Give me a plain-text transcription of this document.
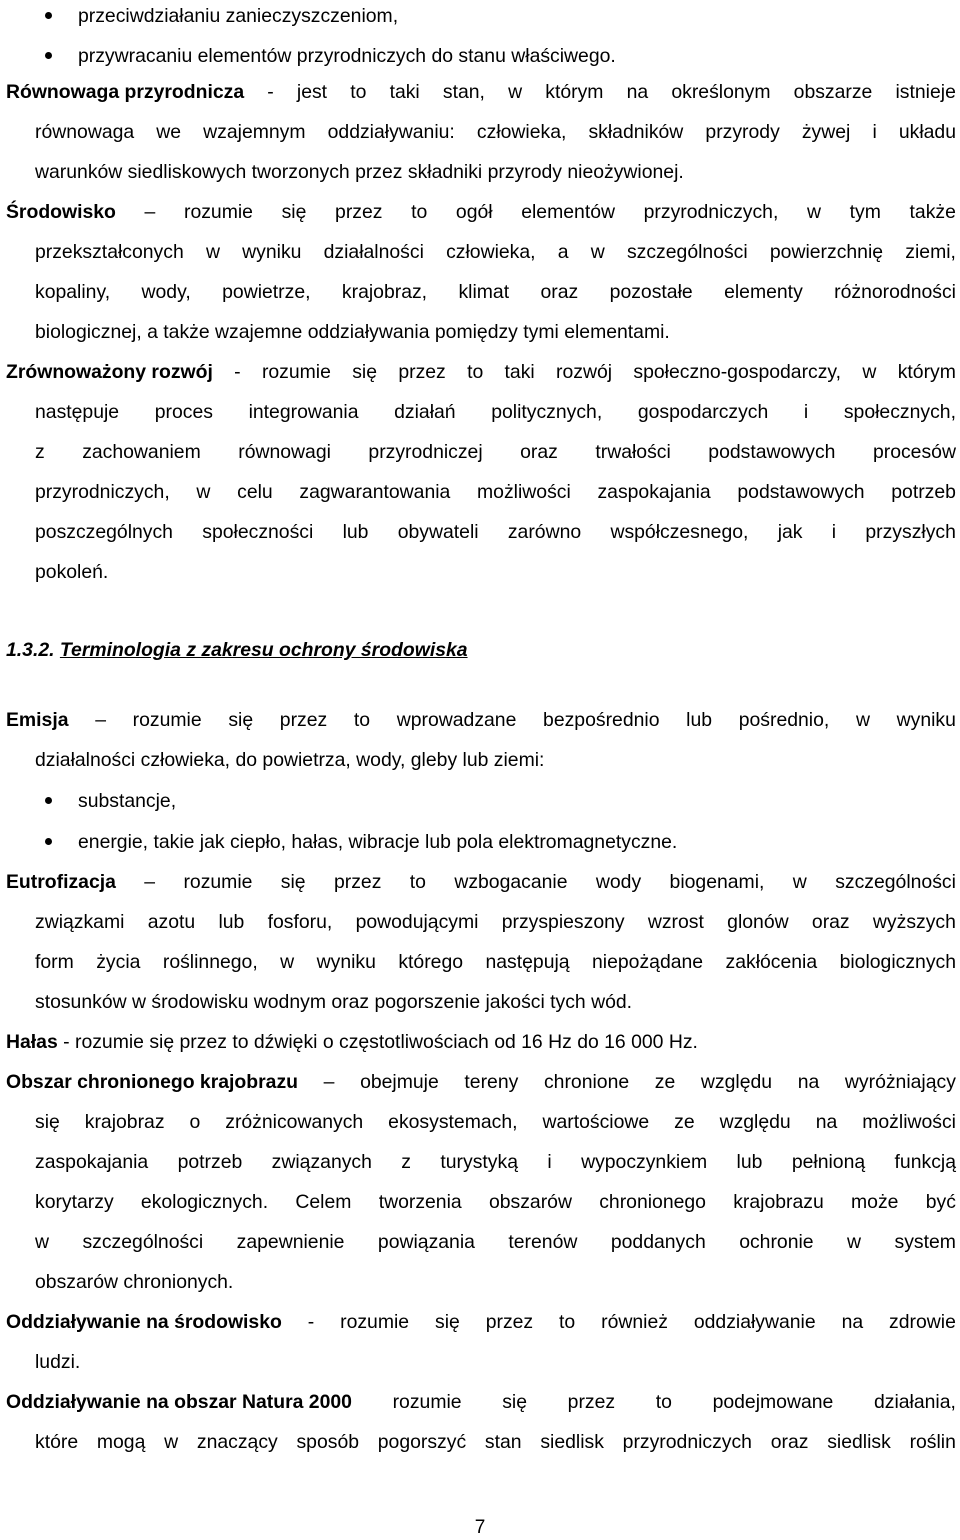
przeciwdziałaniu zanieczyszczeniom,
przywracaniu elementów przyrodniczych do stanu właściwego.
Równowaga przyrodnicza - jest to taki stan, w którym na określonym obszarze istnieje
równowaga we wzajemnym oddziaływaniu: człowieka, składników przyrody żywej i układu
warunków siedliskowych tworzonych przez składniki przyrody nieożywionej.
Środowisko – rozumie się przez to ogół elementów przyrodniczych, w tym także
przekształconych w wyniku działalności człowieka, a w szczególności powierzchnię ziemi,
kopaliny, wody, powietrze, krajobraz, klimat oraz pozostałe elementy różnorodności
biologicznej, a także wzajemne oddziaływania pomiędzy tymi elementami.
Zrównoważony rozwój - rozumie się przez to taki rozwój społeczno-gospodarczy, w którym
następuje proces integrowania działań politycznych, gospodarczych i społecznych,
z zachowaniem równowagi przyrodniczej oraz trwałości podstawowych procesów
przyrodniczych, w celu zagwarantowania możliwości zaspokajania podstawowych potrzeb
poszczególnych społeczności lub obywateli zarówno współczesnego, jak i przyszłych
pokoleń.
1.3.2. Terminologia z zakresu ochrony środowiska
Emisja – rozumie się przez to wprowadzane bezpośrednio lub pośrednio, w wyniku
działalności człowieka, do powietrza, wody, gleby lub ziemi:
substancje,
energie, takie jak ciepło, hałas, wibracje lub pola elektromagnetyczne.
Eutrofizacja – rozumie się przez to wzbogacanie wody biogenami, w szczególności
związkami azotu lub fosforu, powodującymi przyspieszony wzrost glonów oraz wyższych
form życia roślinnego, w wyniku którego następują niepożądane zakłócenia biologicznych
stosunków w środowisku wodnym oraz pogorszenie jakości tych wód.
Hałas - rozumie się przez to dźwięki o częstotliwościach od 16 Hz do 16 000 Hz.
Obszar chronionego krajobrazu – obejmuje tereny chronione ze względu na wyróżniający
się krajobraz o zróżnicowanych ekosystemach, wartościowe ze względu na możliwości
zaspokajania potrzeb związanych z turystyką i wypoczynkiem lub pełnioną funkcją
korytarzy ekologicznych. Celem tworzenia obszarów chronionego krajobrazu może być
w szczególności zapewnienie powiązania terenów poddanych ochronie w system
obszarów chronionych.
Oddziaływanie na środowisko - rozumie się przez to również oddziaływanie na zdrowie
ludzi.
Oddziaływanie na obszar Natura 2000 rozumie się przez to podejmowane działania,
które mogą w znaczący sposób pogorszyć stan siedlisk przyrodniczych oraz siedlisk roślin
7
